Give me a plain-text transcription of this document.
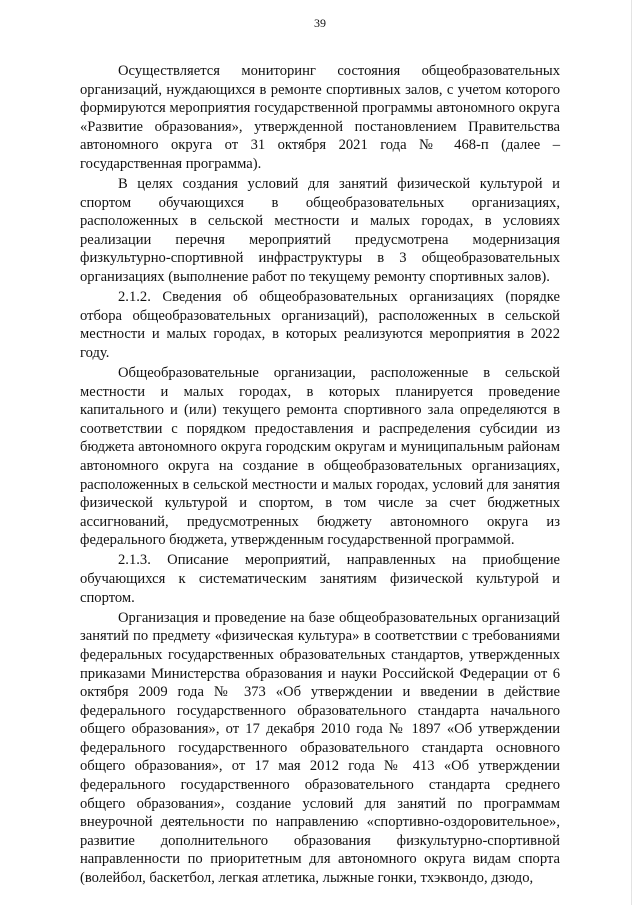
39

Осуществляется мониторинг состояния общеобразовательных организаций, нуждающихся в ремонте спортивных залов, с учетом которого формируются мероприятия государственной программы автономного округа «Развитие образования», утвержденной постановлением Правительства автономного округа от 31 октября 2021 года № 468-п (далее – государственная программа).

В целях создания условий для занятий физической культурой и спортом обучающихся в общеобразовательных организациях, расположенных в сельской местности и малых городах, в условиях реализации перечня мероприятий предусмотрена модернизация физкультурно-спортивной инфраструктуры в 3 общеобразовательных организациях (выполнение работ по текущему ремонту спортивных залов).

2.1.2. Сведения об общеобразовательных организациях (порядке отбора общеобразовательных организаций), расположенных в сельской местности и малых городах, в которых реализуются мероприятия в 2022 году.

Общеобразовательные организации, расположенные в сельской местности и малых городах, в которых планируется проведение капитального и (или) текущего ремонта спортивного зала определяются в соответствии с порядком предоставления и распределения субсидии из бюджета автономного округа городским округам и муниципальным районам автономного округа на создание в общеобразовательных организациях, расположенных в сельской местности и малых городах, условий для занятия физической культурой и спортом, в том числе за счет бюджетных ассигнований, предусмотренных бюджету автономного округа из федерального бюджета, утвержденным государственной программой.

2.1.3. Описание мероприятий, направленных на приобщение обучающихся к систематическим занятиям физической культурой и спортом.

Организация и проведение на базе общеобразовательных организаций занятий по предмету «физическая культура» в соответствии с требованиями федеральных государственных образовательных стандартов, утвержденных приказами Министерства образования и науки Российской Федерации от 6 октября 2009 года № 373 «Об утверждении и введении в действие федерального государственного образовательного стандарта начального общего образования», от 17 декабря 2010 года № 1897 «Об утверждении федерального государственного образовательного стандарта основного общего образования», от 17 мая 2012 года № 413 «Об утверждении федерального государственного образовательного стандарта среднего общего образования», создание условий для занятий по программам внеурочной деятельности по направлению «спортивно-оздоровительное», развитие дополнительного образования физкультурно-спортивной направленности по приоритетным для автономного округа видам спорта (волейбол, баскетбол, легкая атлетика, лыжные гонки, тхэквондо, дзюдо,
